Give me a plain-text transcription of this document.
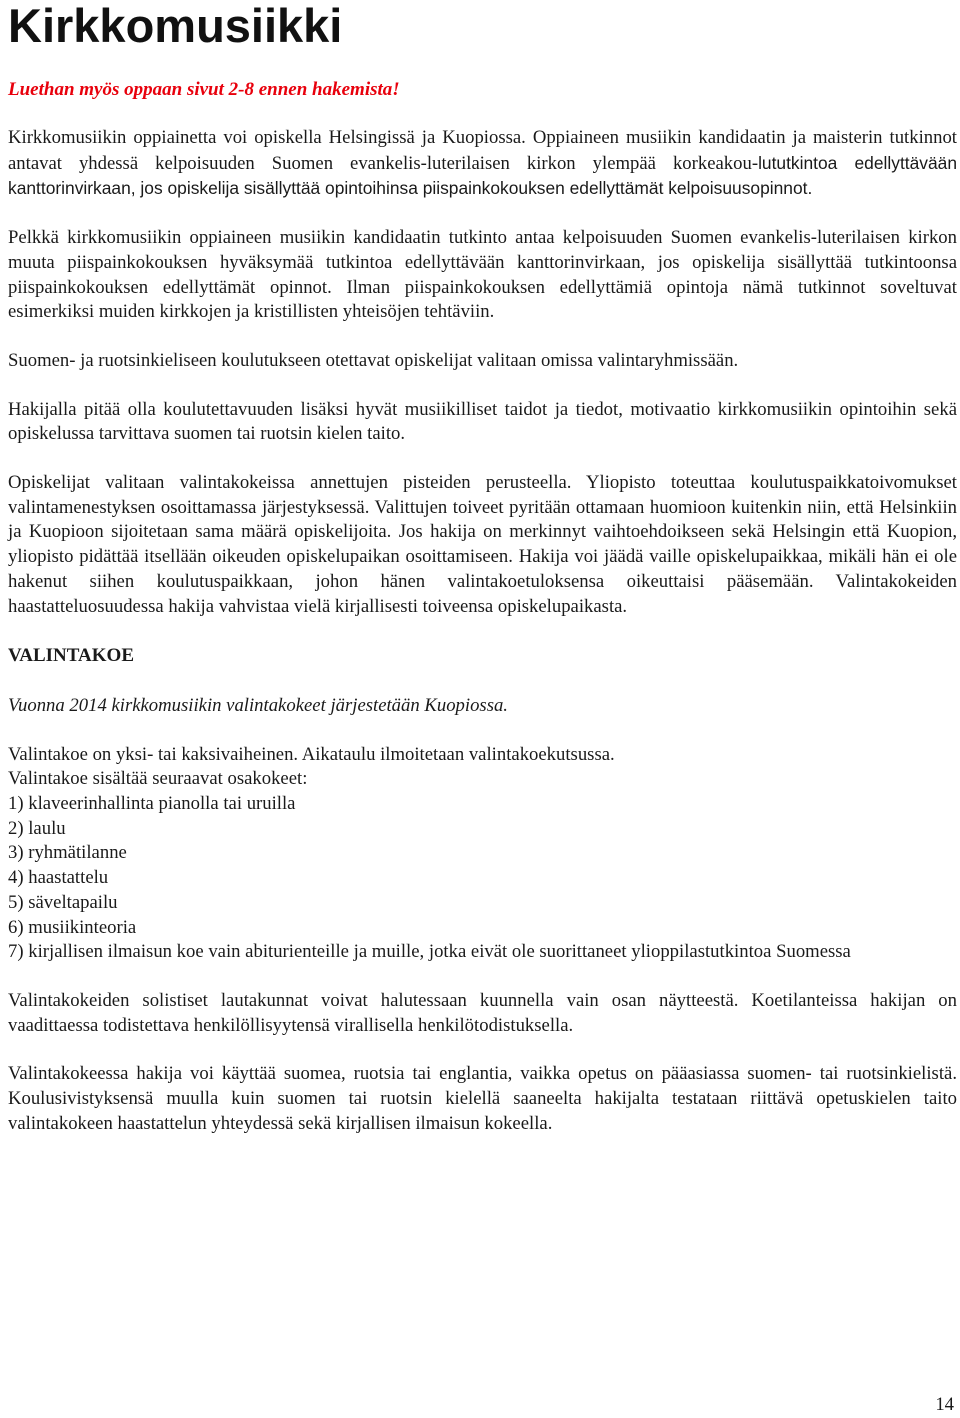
Kirkkomusiikki
Luethan myös oppaan sivut 2-8 ennen hakemista!

Kirkkomusiikin oppiainetta voi opiskella Helsingissä ja Kuopiossa. Oppiaineen musiikin kandidaatin ja maisterin tutkinnot antavat yhdessä kelpoisuuden Suomen evankelis-luterilaisen kirkon ylempää korkeakou-lututkintoa edellyttävään kanttorinvirkaan, jos opiskelija sisällyttää opintoihinsa piispainkokouksen edellyttämät kelpoisuusopinnot.

Pelkkä kirkkomusiikin oppiaineen musiikin kandidaatin tutkinto antaa kelpoisuuden Suomen evankelis-luterilaisen kirkon muuta piispainkokouksen hyväksymää tutkintoa edellyttävään kanttorinvirkaan, jos opiskelija sisällyttää tutkintoonsa piispainkokouksen edellyttämät opinnot. Ilman piispainkokouksen edellyttämiä opintoja nämä tutkinnot soveltuvat esimerkiksi muiden kirkkojen ja kristillisten yhteisöjen tehtäviin.

Suomen- ja ruotsinkieliseen koulutukseen otettavat opiskelijat valitaan omissa valintaryhmissään.

Hakijalla pitää olla koulutettavuuden lisäksi hyvät musiikilliset taidot ja tiedot, motivaatio kirkkomusiikin opintoihin sekä opiskelussa tarvittava suomen tai ruotsin kielen taito.

Opiskelijat valitaan valintakokeissa annettujen pisteiden perusteella. Yliopisto toteuttaa koulutuspaikkatoivomukset valintamenestyksen osoittamassa järjestyksessä. Valittujen toiveet pyritään ottamaan huomioon kuitenkin niin, että Helsinkiin ja Kuopioon sijoitetaan sama määrä opiskelijoita. Jos hakija on merkinnyt vaihtoehdoikseen sekä Helsingin että Kuopion, yliopisto pidättää itsellään oikeuden opiskelupaikan osoittamiseen. Hakija voi jäädä vaille opiskelupaikkaa, mikäli hän ei ole hakenut siihen koulutuspaikkaan, johon hänen valintakoetuloksensa oikeuttaisi pääsemään. Valintakokeiden haastatteluosuudessa hakija vahvistaa vielä kirjallisesti toiveensa opiskelupaikasta.

VALINTAKOE
Vuonna 2014 kirkkomusiikin valintakokeet järjestetään Kuopiossa.

Valintakoe on yksi- tai kaksivaiheinen. Aikataulu ilmoitetaan valintakoekutsussa.

Valintakoe sisältää seuraavat osakokeet:

1) klaveerinhallinta pianolla tai uruilla

2) laulu

3) ryhmätilanne

4) haastattelu

5) säveltapailu

6) musiikinteoria

7) kirjallisen ilmaisun koe vain abiturienteille ja muille, jotka eivät ole suorittaneet ylioppilastutkintoa Suomessa

Valintakokeiden solistiset lautakunnat voivat halutessaan kuunnella vain osan näytteestä. Koetilanteissa hakijan on vaadittaessa todistettava henkilöllisyytensä virallisella henkilötodistuksella.

Valintakokeessa hakija voi käyttää suomea, ruotsia tai englantia, vaikka opetus on pääasiassa suomen- tai ruotsinkielistä. Koulusivistyksensä muulla kuin suomen tai ruotsin kielellä saaneelta hakijalta testataan riittävä opetuskielen taito valintakokeen haastattelun yhteydessä sekä kirjallisen ilmaisun kokeella.

14
